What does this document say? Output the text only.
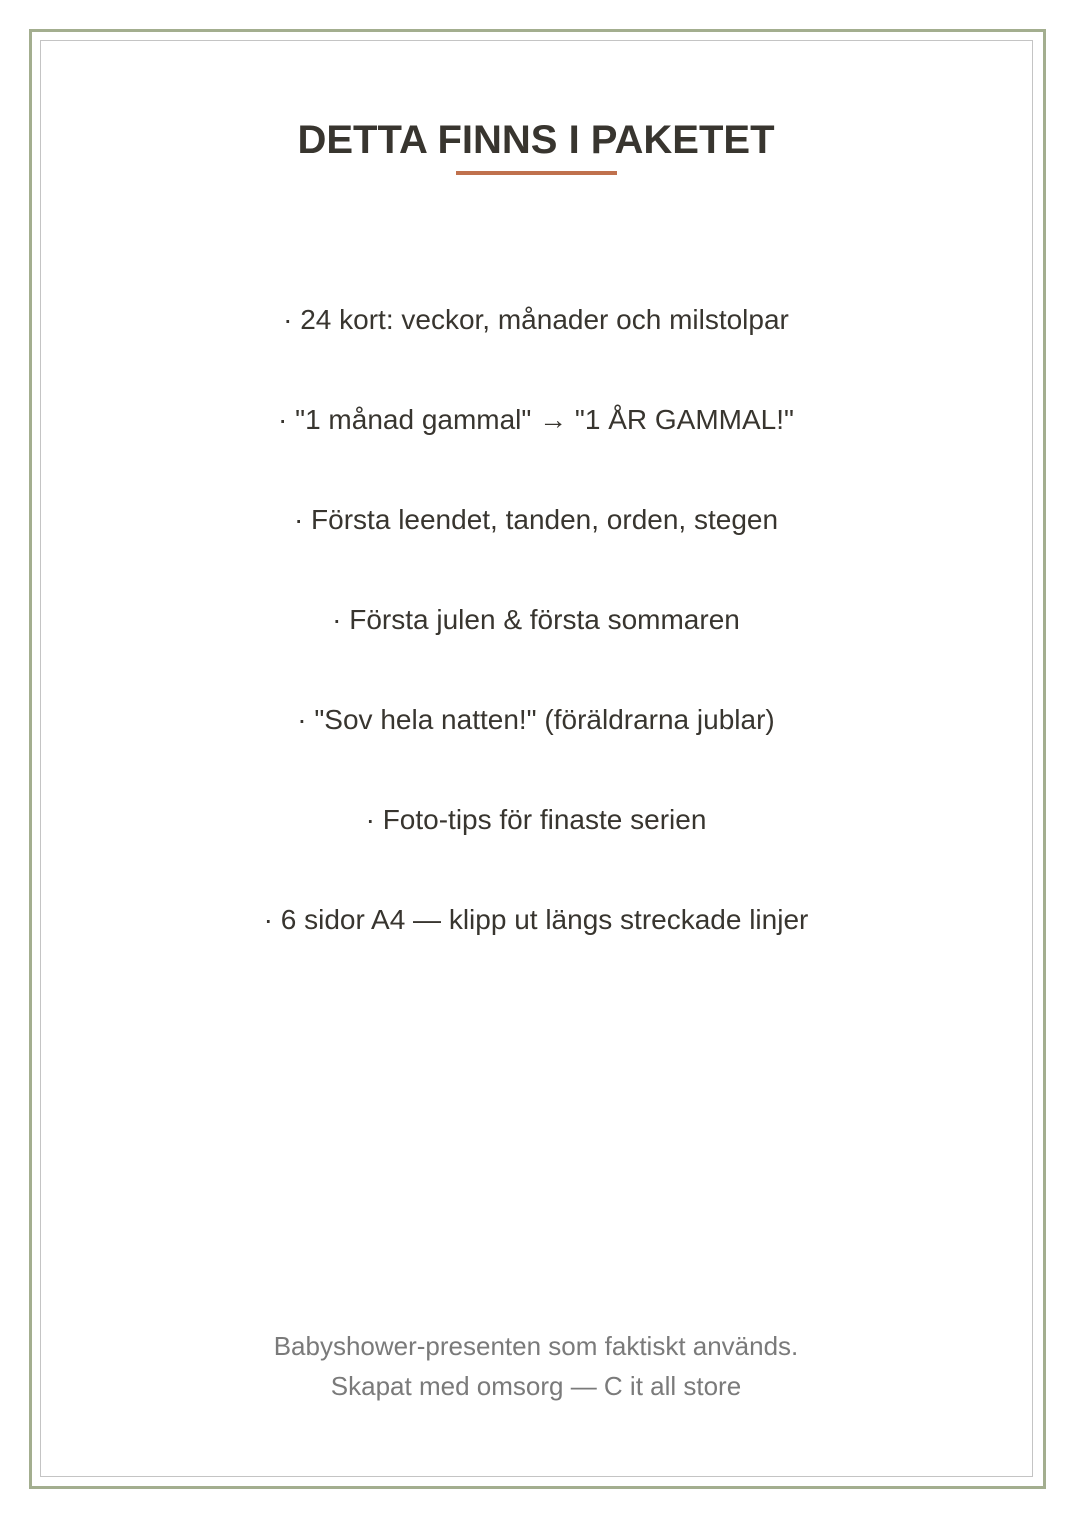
DETTA FINNS I PAKETET
· 24 kort: veckor, månader och milstolpar
· "1 månad gammal" → "1 ÅR GAMMAL!"
· Första leendet, tanden, orden, stegen
· Första julen & första sommaren
· "Sov hela natten!" (föräldrarna jublar)
· Foto-tips för finaste serien
· 6 sidor A4 — klipp ut längs streckade linjer
Babyshower-presenten som faktiskt används.
Skapat med omsorg — C it all store
